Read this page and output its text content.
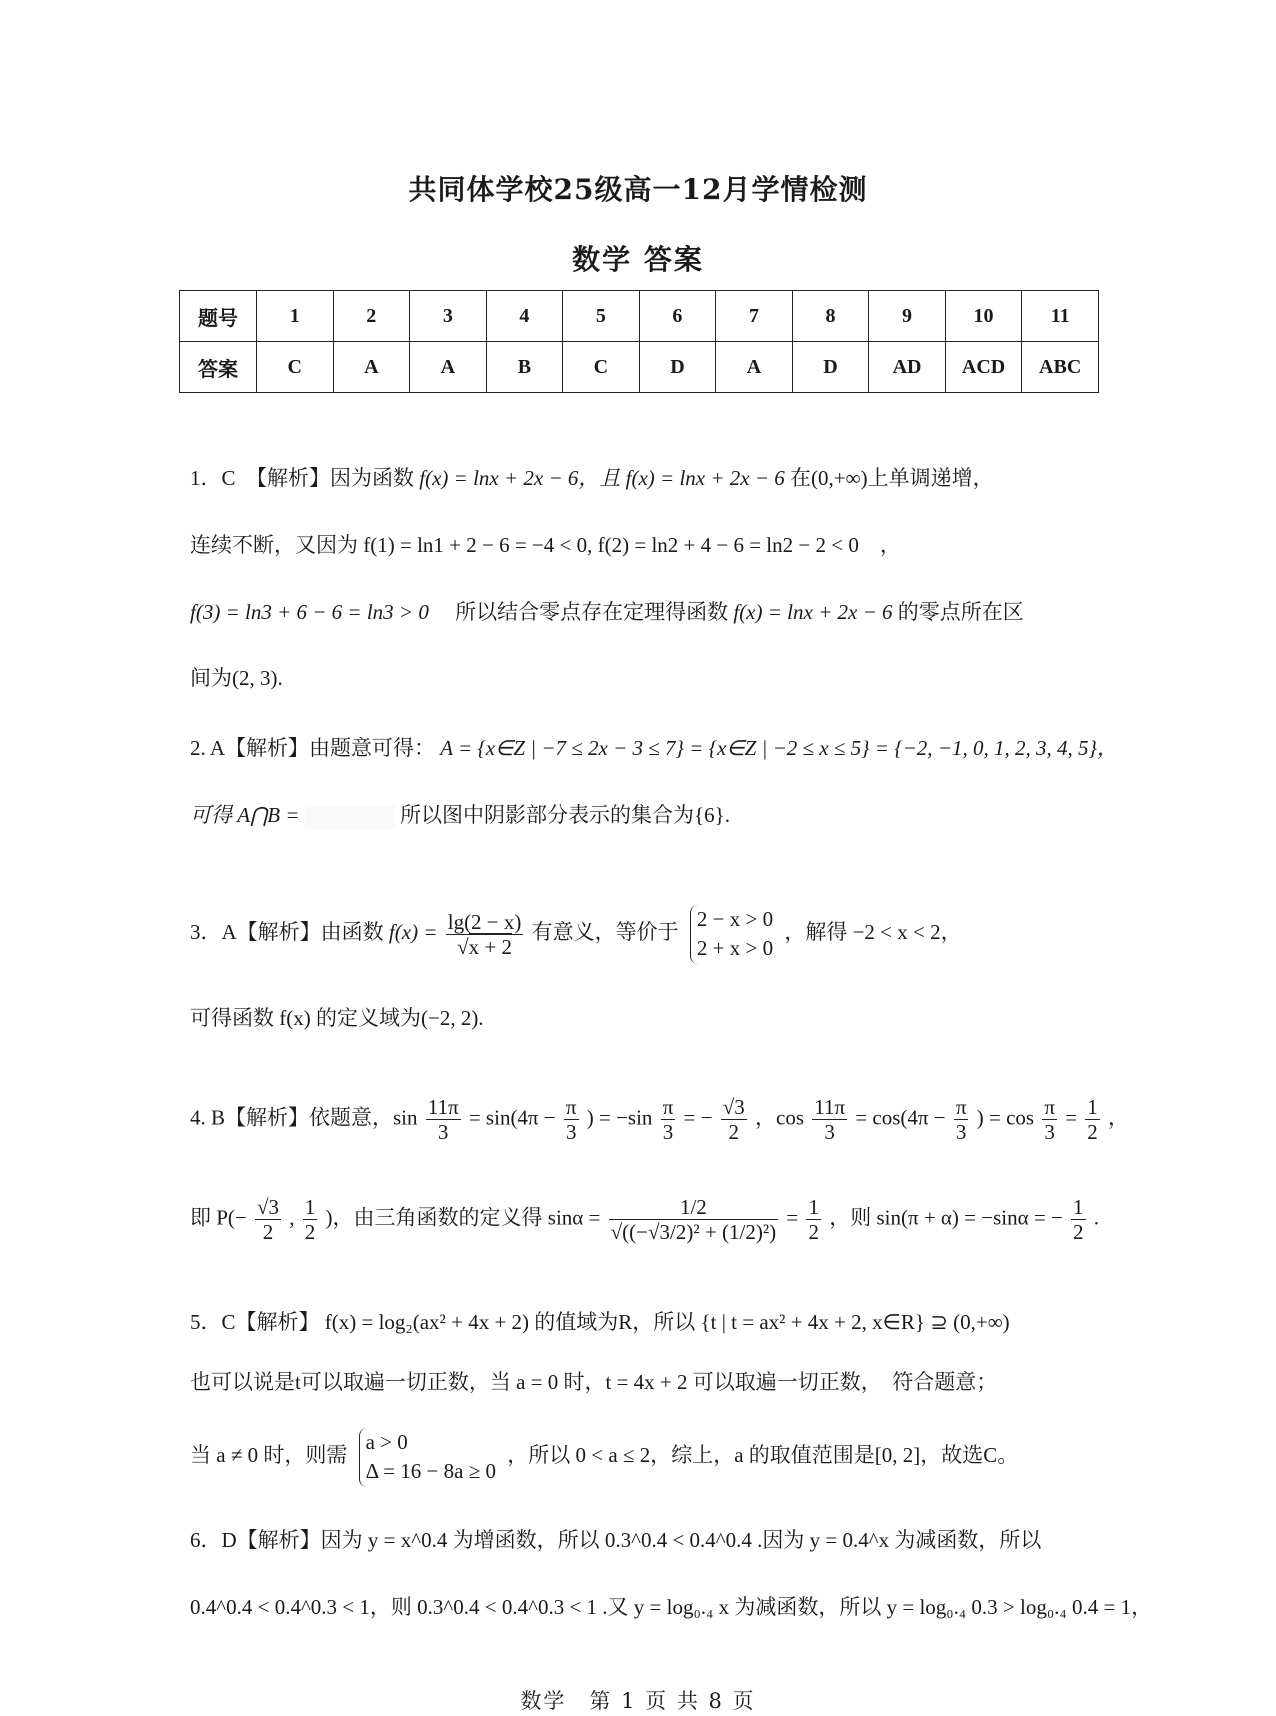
共同体学校25级高一12月学情检测
数学 答案
题号	1	2	3	4	5	6	7	8	9	10	11
答案	C	A	A	B	C	D	A	D	AD	ACD	ABC
1．C　【解析】因为函数 f(x) = lnx + 2x − 6，且 f(x) = lnx + 2x − 6 在(0,+∞)上单调递增，
连续不断，又因为 f(1) = ln1 + 2 − 6 = −4 < 0, f(2) = ln2 + 4 − 6 = ln2 − 2 < 0　，
f(3) = ln3 + 6 − 6 = ln3 > 0 　所以结合零点存在定理得函数 f(x) = lnx + 2x − 6 的零点所在区
间为(2, 3).
2. A【解析】由题意可得： A = {x∈Z | −7 ≤ 2x − 3 ≤ 7} = {x∈Z | −2 ≤ x ≤ 5} = {−2, −1, 0, 1, 2, 3, 4, 5}，
可得 A⋂B =	所以图中阴影部分表示的集合为{6}.
3．A【解析】由函数 $f(x) = \frac{\lg(2 - x)}{√x + 2}$ 有意义，等价于
2 − x > 0
2 + x > 0
，解得 −2 < x < 2，
可得函数 f(x) 的定义域为(−2, 2).
4. B【解析】依题意，$\sin \frac{11\pi}{3} = \sin(4\pi - \frac{\pi}{3}$ ) = $-\sin \frac{\pi}{3}$ = − $\frac{√3}{2}$ ，$\cos \frac{11\pi}{3} = \cos(4\pi - \frac{\pi}{3}$ ) = $\cos \frac{\pi}{3} = \frac{1}{2}$ ，
即 $P(- \frac{√3}{2}$ , $\frac{1}{2}$ )，由三角函数的定义得 $\sin\alpha = \frac{1/2}{\text{√((−√3/2)² + (1/2)²)}} = \frac{1}{2}$ ，则 sin(π + α) = −sinα = − $\frac{1}{2}$ .
5．C【解析】 f(x) = log₂(ax² + 4x + 2) 的值域为R，所以 {t | t = ax² + 4x + 2, x∈R} ⊇ (0,+∞)
也可以说是t可以取遍一切正数，当 a = 0 时，t = 4x + 2 可以取遍一切正数，　符合题意；
当 a ≠ 0 时，则需
a > 0
Δ = 16 − 8a ≥ 0
，所以 0 < a ≤ 2，综上，a 的取值范围是[0, 2]，故选C。
6．D【解析】因为 y = x^0.4 为增函数，所以 0.3^0.4 < 0.4^0.4 .因为 y = 0.4^x 为减函数，所以
0.4^0.4 < 0.4^0.3 < 1，则 0.3^0.4 < 0.4^0.3 < 1 .又 y = log₀.₄ x 为减函数，所以 y = log₀.₄ 0.3 > log₀.₄ 0.4 = 1，
数学　第 1 页 共 8 页
